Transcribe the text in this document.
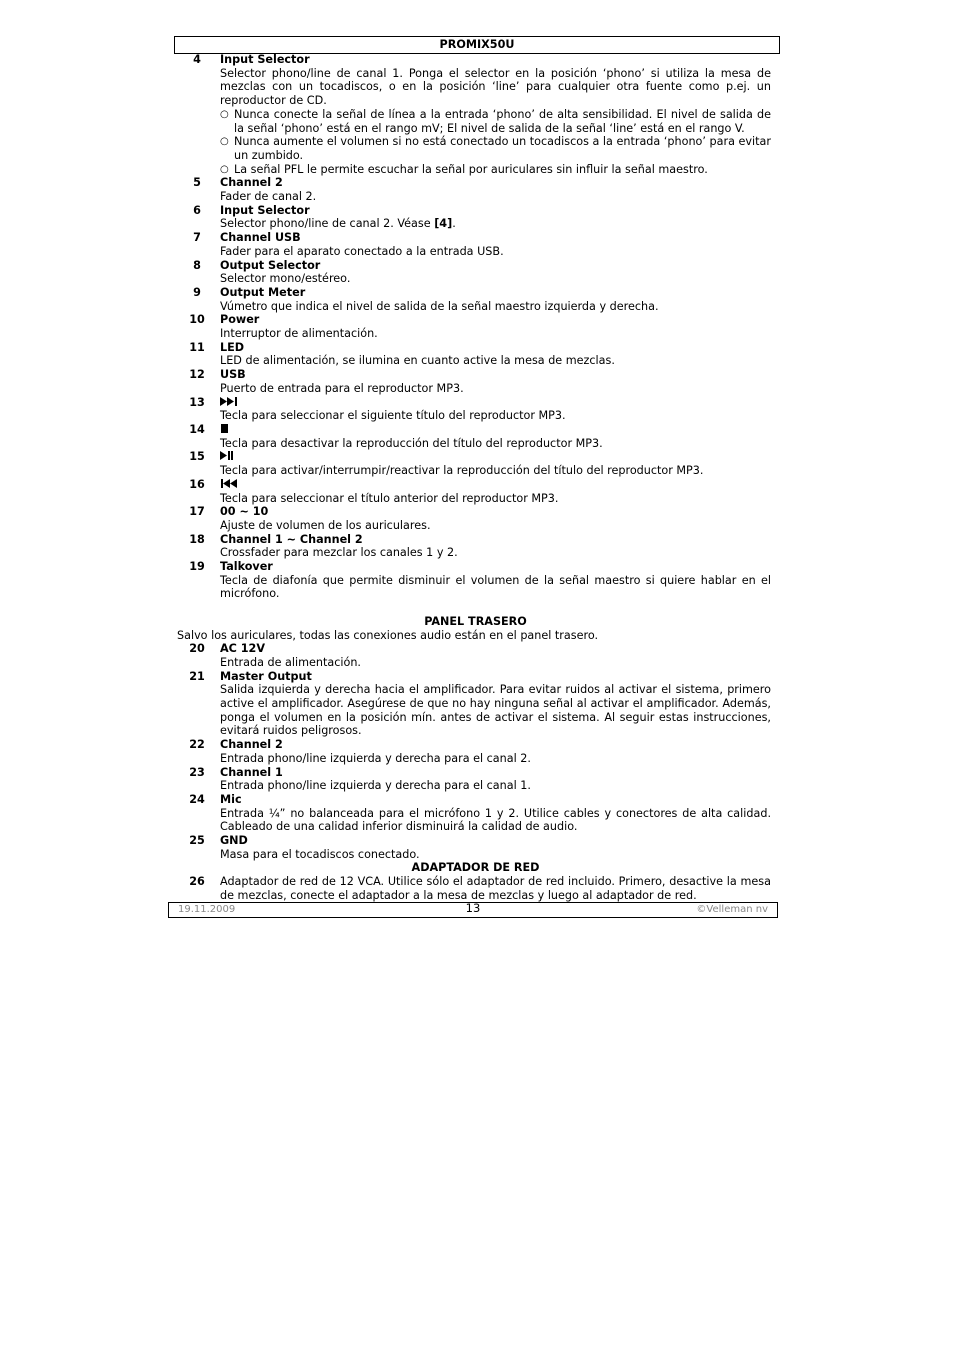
PROMIX50U
4	Input Selector
Selector phono/line de canal 1. Ponga el selector en la posición ‘phono’ si utiliza la mesa de mezclas con un tocadiscos, o en la posición ‘line’ para cualquier otra fuente como p.ej. un reproductor de CD.
○ Nunca conecte la señal de línea a la entrada ‘phono’ de alta sensibilidad. El nivel de salida de la señal ‘phono’ está en el rango mV; El nivel de salida de la señal ‘line’ está en el rango V.
○ Nunca aumente el volumen si no está conectado un tocadiscos a la entrada ‘phono’ para evitar un zumbido.
○ La señal PFL le permite escuchar la señal por auriculares sin influir la señal maestro.
5	Channel 2
Fader de canal 2.
6	Input Selector
Selector phono/line de canal 2. Véase [4].
7	Channel USB
Fader para el aparato conectado a la entrada USB.
8	Output Selector
Selector mono/estéreo.
9	Output Meter
Vúmetro que indica el nivel de salida de la señal maestro izquierda y derecha.
10	Power
Interruptor de alimentación.
11	LED
LED de alimentación, se ilumina en cuanto active la mesa de mezclas.
12	USB
Puerto de entrada para el reproductor MP3.
13
Tecla para seleccionar el siguiente título del reproductor MP3.
14
Tecla para desactivar la reproducción del título del reproductor MP3.
15
Tecla para activar/interrumpir/reactivar la reproducción del título del reproductor MP3.
16
Tecla para seleccionar el título anterior del reproductor MP3.
17	00 ~ 10
Ajuste de volumen de los auriculares.
18	Channel 1 ~ Channel 2
Crossfader para mezclar los canales 1 y 2.
19	Talkover
Tecla de diafonía que permite disminuir el volumen de la señal maestro si quiere hablar en el micrófono.
PANEL TRASERO
Salvo los auriculares, todas las conexiones audio están en el panel trasero.
20	AC 12V
Entrada de alimentación.
21	Master Output
Salida izquierda y derecha hacia el amplificador. Para evitar ruidos al activar el sistema, primero active el amplificador. Asegúrese de que no hay ninguna señal al activar el amplificador. Además, ponga el volumen en la posición mín. antes de activar el sistema. Al seguir estas instrucciones, evitará ruidos peligrosos.
22	Channel 2
Entrada phono/line izquierda y derecha para el canal 2.
23	Channel 1
Entrada phono/line izquierda y derecha para el canal 1.
24	Mic
Entrada ¼” no balanceada para el micrófono 1 y 2. Utilice cables y conectores de alta calidad. Cableado de una calidad inferior disminuirá la calidad de audio.
25	GND
Masa para el tocadiscos conectado.
ADAPTADOR DE RED
26	Adaptador de red de 12 VCA. Utilice sólo el adaptador de red incluido. Primero, desactive la mesa de mezclas, conecte el adaptador a la mesa de mezclas y luego al adaptador de red.
19.11.2009	13	©Velleman nv
